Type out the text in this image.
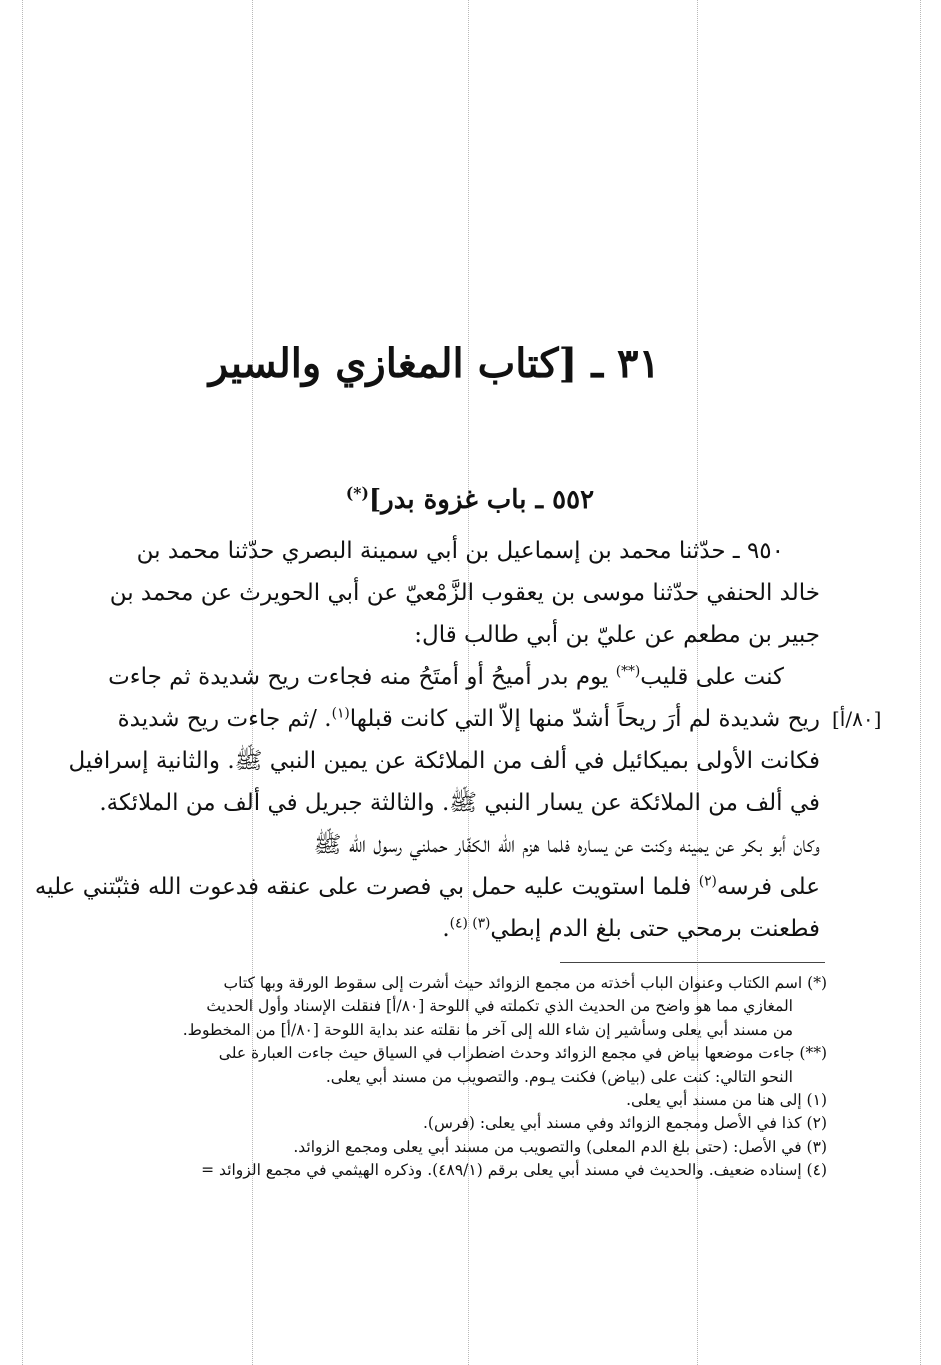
٣١ ـ [كتاب المغازي والسير
٥٥٢ ـ باب غزوة بدر](*)
٩٥٠ ـ حدّثنا محمد بن إسماعيل بن أبي سمينة البصري حدّثنا محمد بن
خالد الحنفي حدّثنا موسى بن يعقوب الزَّمْعيّ عن أبي الحويرث عن محمد بن
جبير بن مطعم عن عليّ بن أبي طالب قال:
كنت على قليب(**) يوم بدر أميحُ أو أمتَحُ منه فجاءت ريح شديدة ثم جاءت
ريح شديدة لم أرَ ريحاً أشدّ منها إلاّ التي كانت قبلها$^{(١)}$. /ثم جاءت ريح شديدة
فكانت الأولى بميكائيل في ألف من الملائكة عن يمين النبي ﷺ. والثانية إسرافيل
في ألف من الملائكة عن يسار النبي ﷺ. والثالثة جبريل في ألف من الملائكة.
وكان أبو بكر عن يمينه وكنت عن يساره فلما هزم الله الكفّار حملني رسول الله ﷺ
على فرسه$^{(٢)}$ فلما استويت عليه حمل بي فصرت على عنقه فدعوت الله فثبّتني عليه
فطعنت برمحي حتى بلغ الدم إبطي$^{(٣) (٤)}$.
[٨٠/أ]
(*) اسم الكتاب وعنوان الباب أخذته من مجمع الزوائد حيث أشرت إلى سقوط الورقة وبها كتاب
المغازي مما هو واضح من الحديث الذي تكملته في اللوحة [٨٠/أ] فنقلت الإسناد وأول الحديث
من مسند أبي يعلى وسأشير إن شاء الله إلى آخر ما نقلته عند بداية اللوحة [٨٠/أ] من المخطوط.
(**) جاءت موضعها بياض في مجمع الزوائد وحدث اضطراب في السياق حيث جاءت العبارة على
النحو التالي: كنت على (بياض) فكنت يـوم. والتصويب من مسند أبي يعلى.
(١) إلى هنا من مسند أبي يعلى.
(٢) كذا في الأصل ومجمع الزوائد وفي مسند أبي يعلى: (فرس).
(٣) في الأصل: (حتى بلغ الدم المعلى) والتصويب من مسند أبي يعلى ومجمع الزوائد.
(٤) إسناده ضعيف. والحديث في مسند أبي يعلى برقم (٤٨٩/١). وذكره الهيثمي في مجمع الزوائد =
